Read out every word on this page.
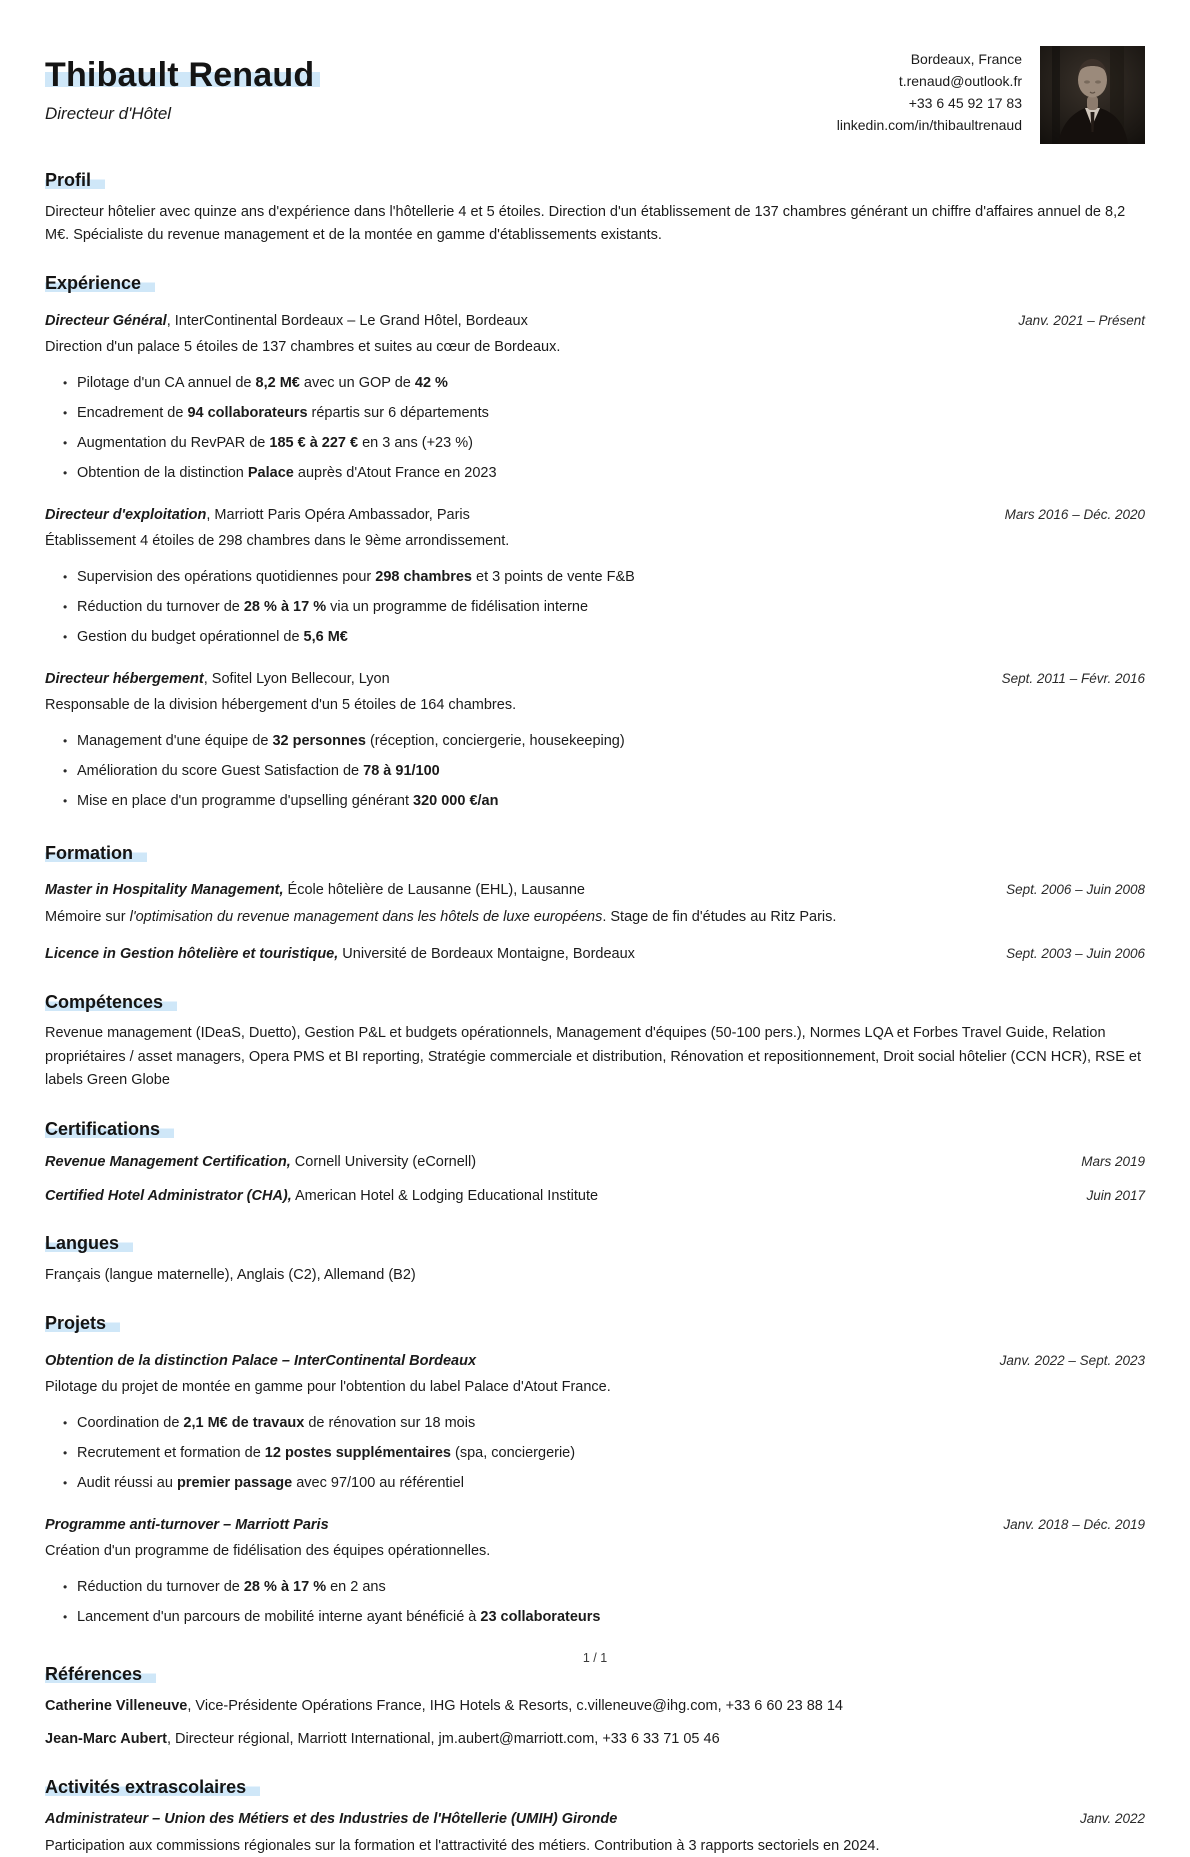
Thibault Renaud
Directeur d'Hôtel
Bordeaux, France
t.renaud@outlook.fr
+33 6 45 92 17 83
linkedin.com/in/thibaultrenaud
Profil

Directeur hôtelier avec quinze ans d'expérience dans l'hôtellerie 4 et 5 étoiles. Direction d'un établissement de 137 chambres générant un chiffre d'affaires annuel de 8,2 M€. Spécialiste du revenue management et de la montée en gamme d'établissements existants.

Expérience
Directeur Général, InterContinental Bordeaux – Le Grand Hôtel, Bordeaux	Janv. 2021 – Présent
Direction d'un palace 5 étoiles de 137 chambres et suites au cœur de Bordeaux.
• Pilotage d'un CA annuel de 8,2 M€ avec un GOP de 42 %
• Encadrement de 94 collaborateurs répartis sur 6 départements
• Augmentation du RevPAR de 185 € à 227 € en 3 ans (+23 %)
• Obtention de la distinction Palace auprès d'Atout France en 2023
Directeur d'exploitation, Marriott Paris Opéra Ambassador, Paris	Mars 2016 – Déc. 2020
Établissement 4 étoiles de 298 chambres dans le 9ème arrondissement.
• Supervision des opérations quotidiennes pour 298 chambres et 3 points de vente F&B
• Réduction du turnover de 28 % à 17 % via un programme de fidélisation interne
• Gestion du budget opérationnel de 5,6 M€
Directeur hébergement, Sofitel Lyon Bellecour, Lyon	Sept. 2011 – Févr. 2016
Responsable de la division hébergement d'un 5 étoiles de 164 chambres.
• Management d'une équipe de 32 personnes (réception, conciergerie, housekeeping)
• Amélioration du score Guest Satisfaction de 78 à 91/100
• Mise en place d'un programme d'upselling générant 320 000 €/an
Formation
Master in Hospitality Management, École hôtelière de Lausanne (EHL), Lausanne	Sept. 2006 – Juin 2008
Mémoire sur l'optimisation du revenue management dans les hôtels de luxe européens. Stage de fin d'études au Ritz Paris.
Licence in Gestion hôtelière et touristique, Université de Bordeaux Montaigne, Bordeaux	Sept. 2003 – Juin 2006
Compétences

Revenue management (IDeaS, Duetto), Gestion P&L et budgets opérationnels, Management d'équipes (50-100 pers.), Normes LQA et Forbes Travel Guide, Relation propriétaires / asset managers, Opera PMS et BI reporting, Stratégie commerciale et distribution, Rénovation et repositionnement, Droit social hôtelier (CCN HCR), RSE et labels Green Globe

Certifications
Revenue Management Certification, Cornell University (eCornell)	Mars 2019
Certified Hotel Administrator (CHA), American Hotel & Lodging Educational Institute	Juin 2017
Langues

Français (langue maternelle), Anglais (C2), Allemand (B2)

Projets
Obtention de la distinction Palace – InterContinental Bordeaux	Janv. 2022 – Sept. 2023
Pilotage du projet de montée en gamme pour l'obtention du label Palace d'Atout France.
• Coordination de 2,1 M€ de travaux de rénovation sur 18 mois
• Recrutement et formation de 12 postes supplémentaires (spa, conciergerie)
• Audit réussi au premier passage avec 97/100 au référentiel
Programme anti-turnover – Marriott Paris	Janv. 2018 – Déc. 2019
Création d'un programme de fidélisation des équipes opérationnelles.
• Réduction du turnover de 28 % à 17 % en 2 ans
• Lancement d'un parcours de mobilité interne ayant bénéficié à 23 collaborateurs
Références
Catherine Villeneuve, Vice-Présidente Opérations France, IHG Hotels & Resorts, c.villeneuve@ihg.com, +33 6 60 23 88 14
Jean-Marc Aubert, Directeur régional, Marriott International, jm.aubert@marriott.com, +33 6 33 71 05 46
Activités extrascolaires
Administrateur – Union des Métiers et des Industries de l'Hôtellerie (UMIH) Gironde	Janv. 2022
Participation aux commissions régionales sur la formation et l'attractivité des métiers. Contribution à 3 rapports sectoriels en 2024.
1 / 1
